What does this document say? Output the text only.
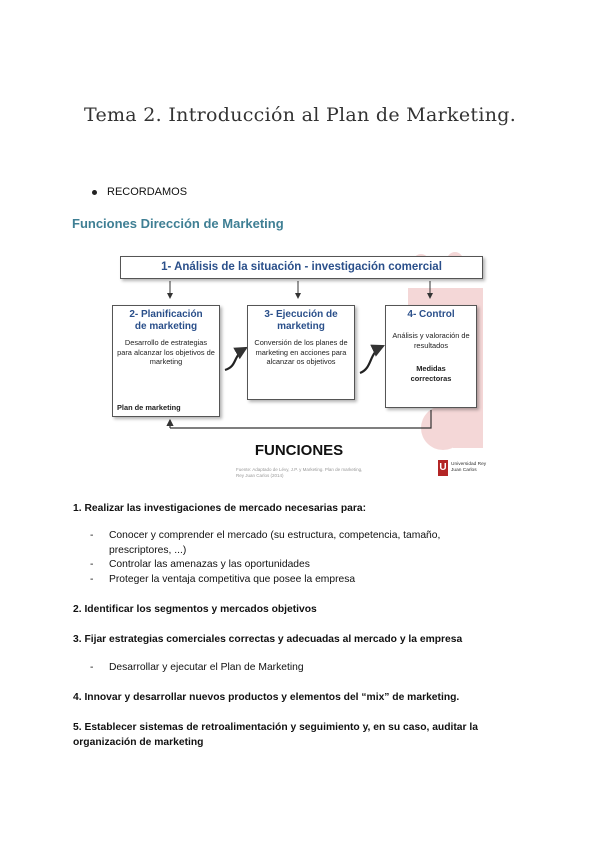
Tema 2. Introducción al Plan de Marketing.
RECORDAMOS
Funciones Dirección de Marketing
1- Análisis de la situación - investigación comercial
2- Planificación
de marketing
Desarrollo de estrategias para alcanzar los objetivos de marketing
Plan de marketing
3- Ejecución de
marketing
Conversión de los planes de marketing en acciones para alcanzar os objetivos
4- Control
Análisis y valoración de resultados
Medidas
correctoras
FUNCIONES
Fuente: Adaptado de Lévy, J.P. y Marketing. Plan de marketing, Rey Juan Carlos (2014)
U Universidad Rey Juan Carlos
1. Realizar las investigaciones de mercado necesarias para:
- Conocer y comprender el mercado (su estructura, competencia, tamaño, prescriptores, ...)
- Controlar las amenazas y las oportunidades
- Proteger la ventaja competitiva que posee la empresa
2. Identificar los segmentos y mercados objetivos
3. Fijar estrategias comerciales correctas y adecuadas al mercado y la empresa
- Desarrollar y ejecutar el Plan de Marketing
4. Innovar y desarrollar nuevos productos y elementos del “mix” de marketing.
5. Establecer sistemas de retroalimentación y seguimiento y, en su caso, auditar la organización de marketing
